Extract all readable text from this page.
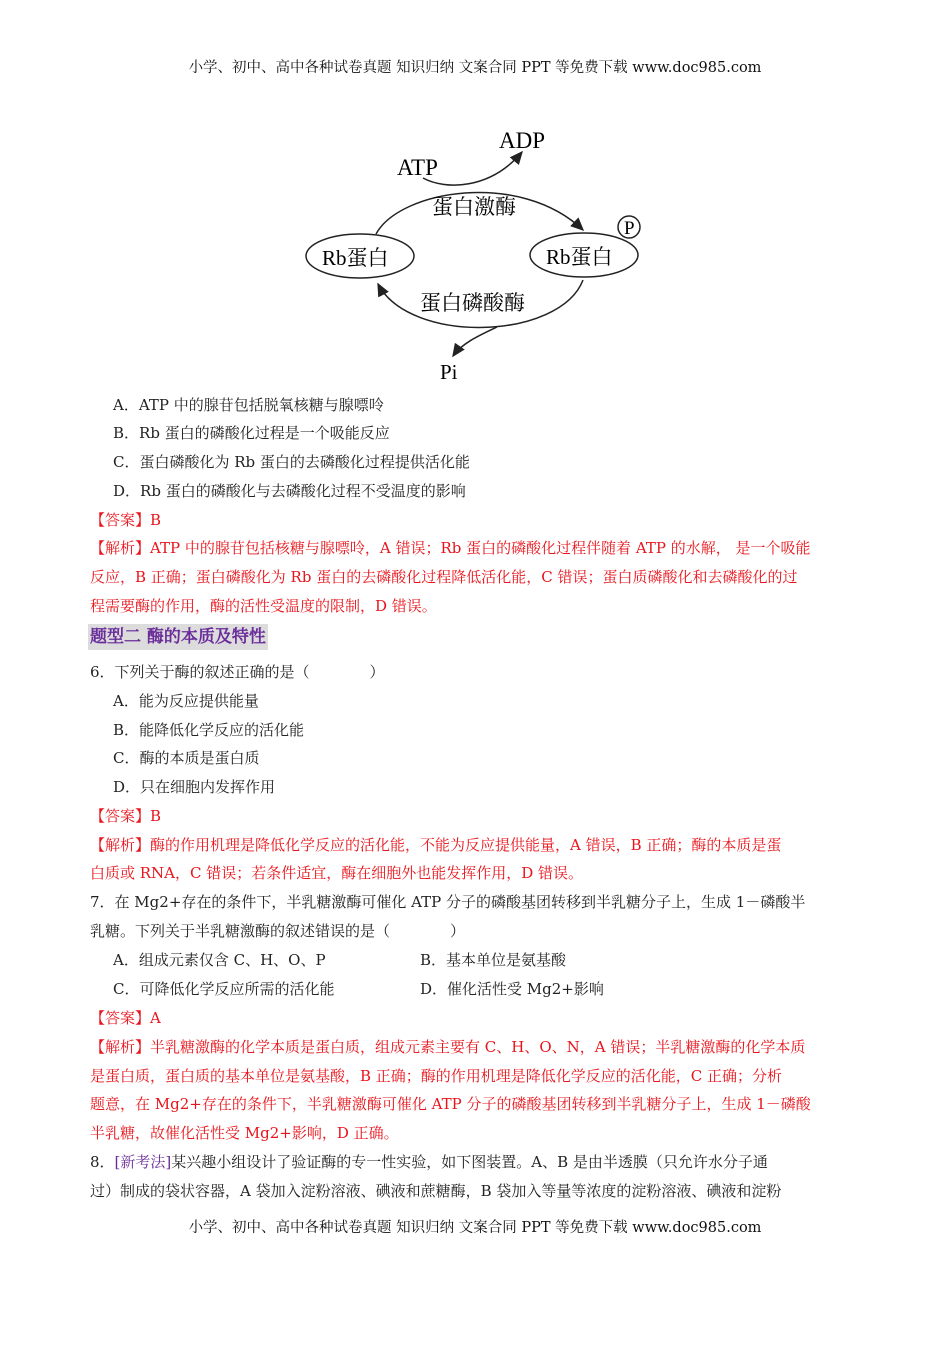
小学、初中、高中各种试卷真题 知识归纳 文案合同 PPT 等免费下载 www.doc985.com
P
ATP
ADP
蛋白激酶
Rb蛋白	Rb蛋白
蛋白磷酸酶
Pi
A．ATP 中的腺苷包括脱氧核糖与腺嘌呤
B．Rb 蛋白的磷酸化过程是一个吸能反应
C．蛋白磷酸化为 Rb 蛋白的去磷酸化过程提供活化能
D．Rb 蛋白的磷酸化与去磷酸化过程不受温度的影响
【答案】B
【解析】ATP 中的腺苷包括核糖与腺嘌呤，A 错误；Rb 蛋白的磷酸化过程伴随着 ATP 的水解， 是一个吸能
反应，B 正确；蛋白磷酸化为 Rb 蛋白的去磷酸化过程降低活化能，C 错误；蛋白质磷酸化和去磷酸化的过
程需要酶的作用，酶的活性受温度的限制，D 错误。
题型二 酶的本质及特性
6．下列关于酶的叙述正确的是（　　　　）
A．能为反应提供能量
B．能降低化学反应的活化能
C．酶的本质是蛋白质
D．只在细胞内发挥作用
【答案】B
【解析】酶的作用机理是降低化学反应的活化能，不能为反应提供能量，A 错误，B 正确；酶的本质是蛋
白质或 RNA，C 错误；若条件适宜，酶在细胞外也能发挥作用，D 错误。
7．在 Mg2+存在的条件下，半乳糖激酶可催化 ATP 分子的磷酸基团转移到半乳糖分子上，生成 1－磷酸半
乳糖。下列关于半乳糖激酶的叙述错误的是（　　　　）
A．组成元素仅含 C、H、O、P	B．基本单位是氨基酸
C．可降低化学反应所需的活化能	D．催化活性受 Mg2+影响
【答案】A
【解析】半乳糖激酶的化学本质是蛋白质，组成元素主要有 C、H、O、N，A 错误；半乳糖激酶的化学本质
是蛋白质，蛋白质的基本单位是氨基酸，B 正确；酶的作用机理是降低化学反应的活化能，C 正确；分析
题意，在 Mg2+存在的条件下，半乳糖激酶可催化 ATP 分子的磷酸基团转移到半乳糖分子上，生成 1－磷酸
半乳糖，故催化活性受 Mg2+影响，D 正确。
8．[新考法]某兴趣小组设计了验证酶的专一性实验，如下图装置。A、B 是由半透膜（只允许水分子通
过）制成的袋状容器，A 袋加入淀粉溶液、碘液和蔗糖酶，B 袋加入等量等浓度的淀粉溶液、碘液和淀粉
小学、初中、高中各种试卷真题 知识归纳 文案合同 PPT 等免费下载 www.doc985.com
